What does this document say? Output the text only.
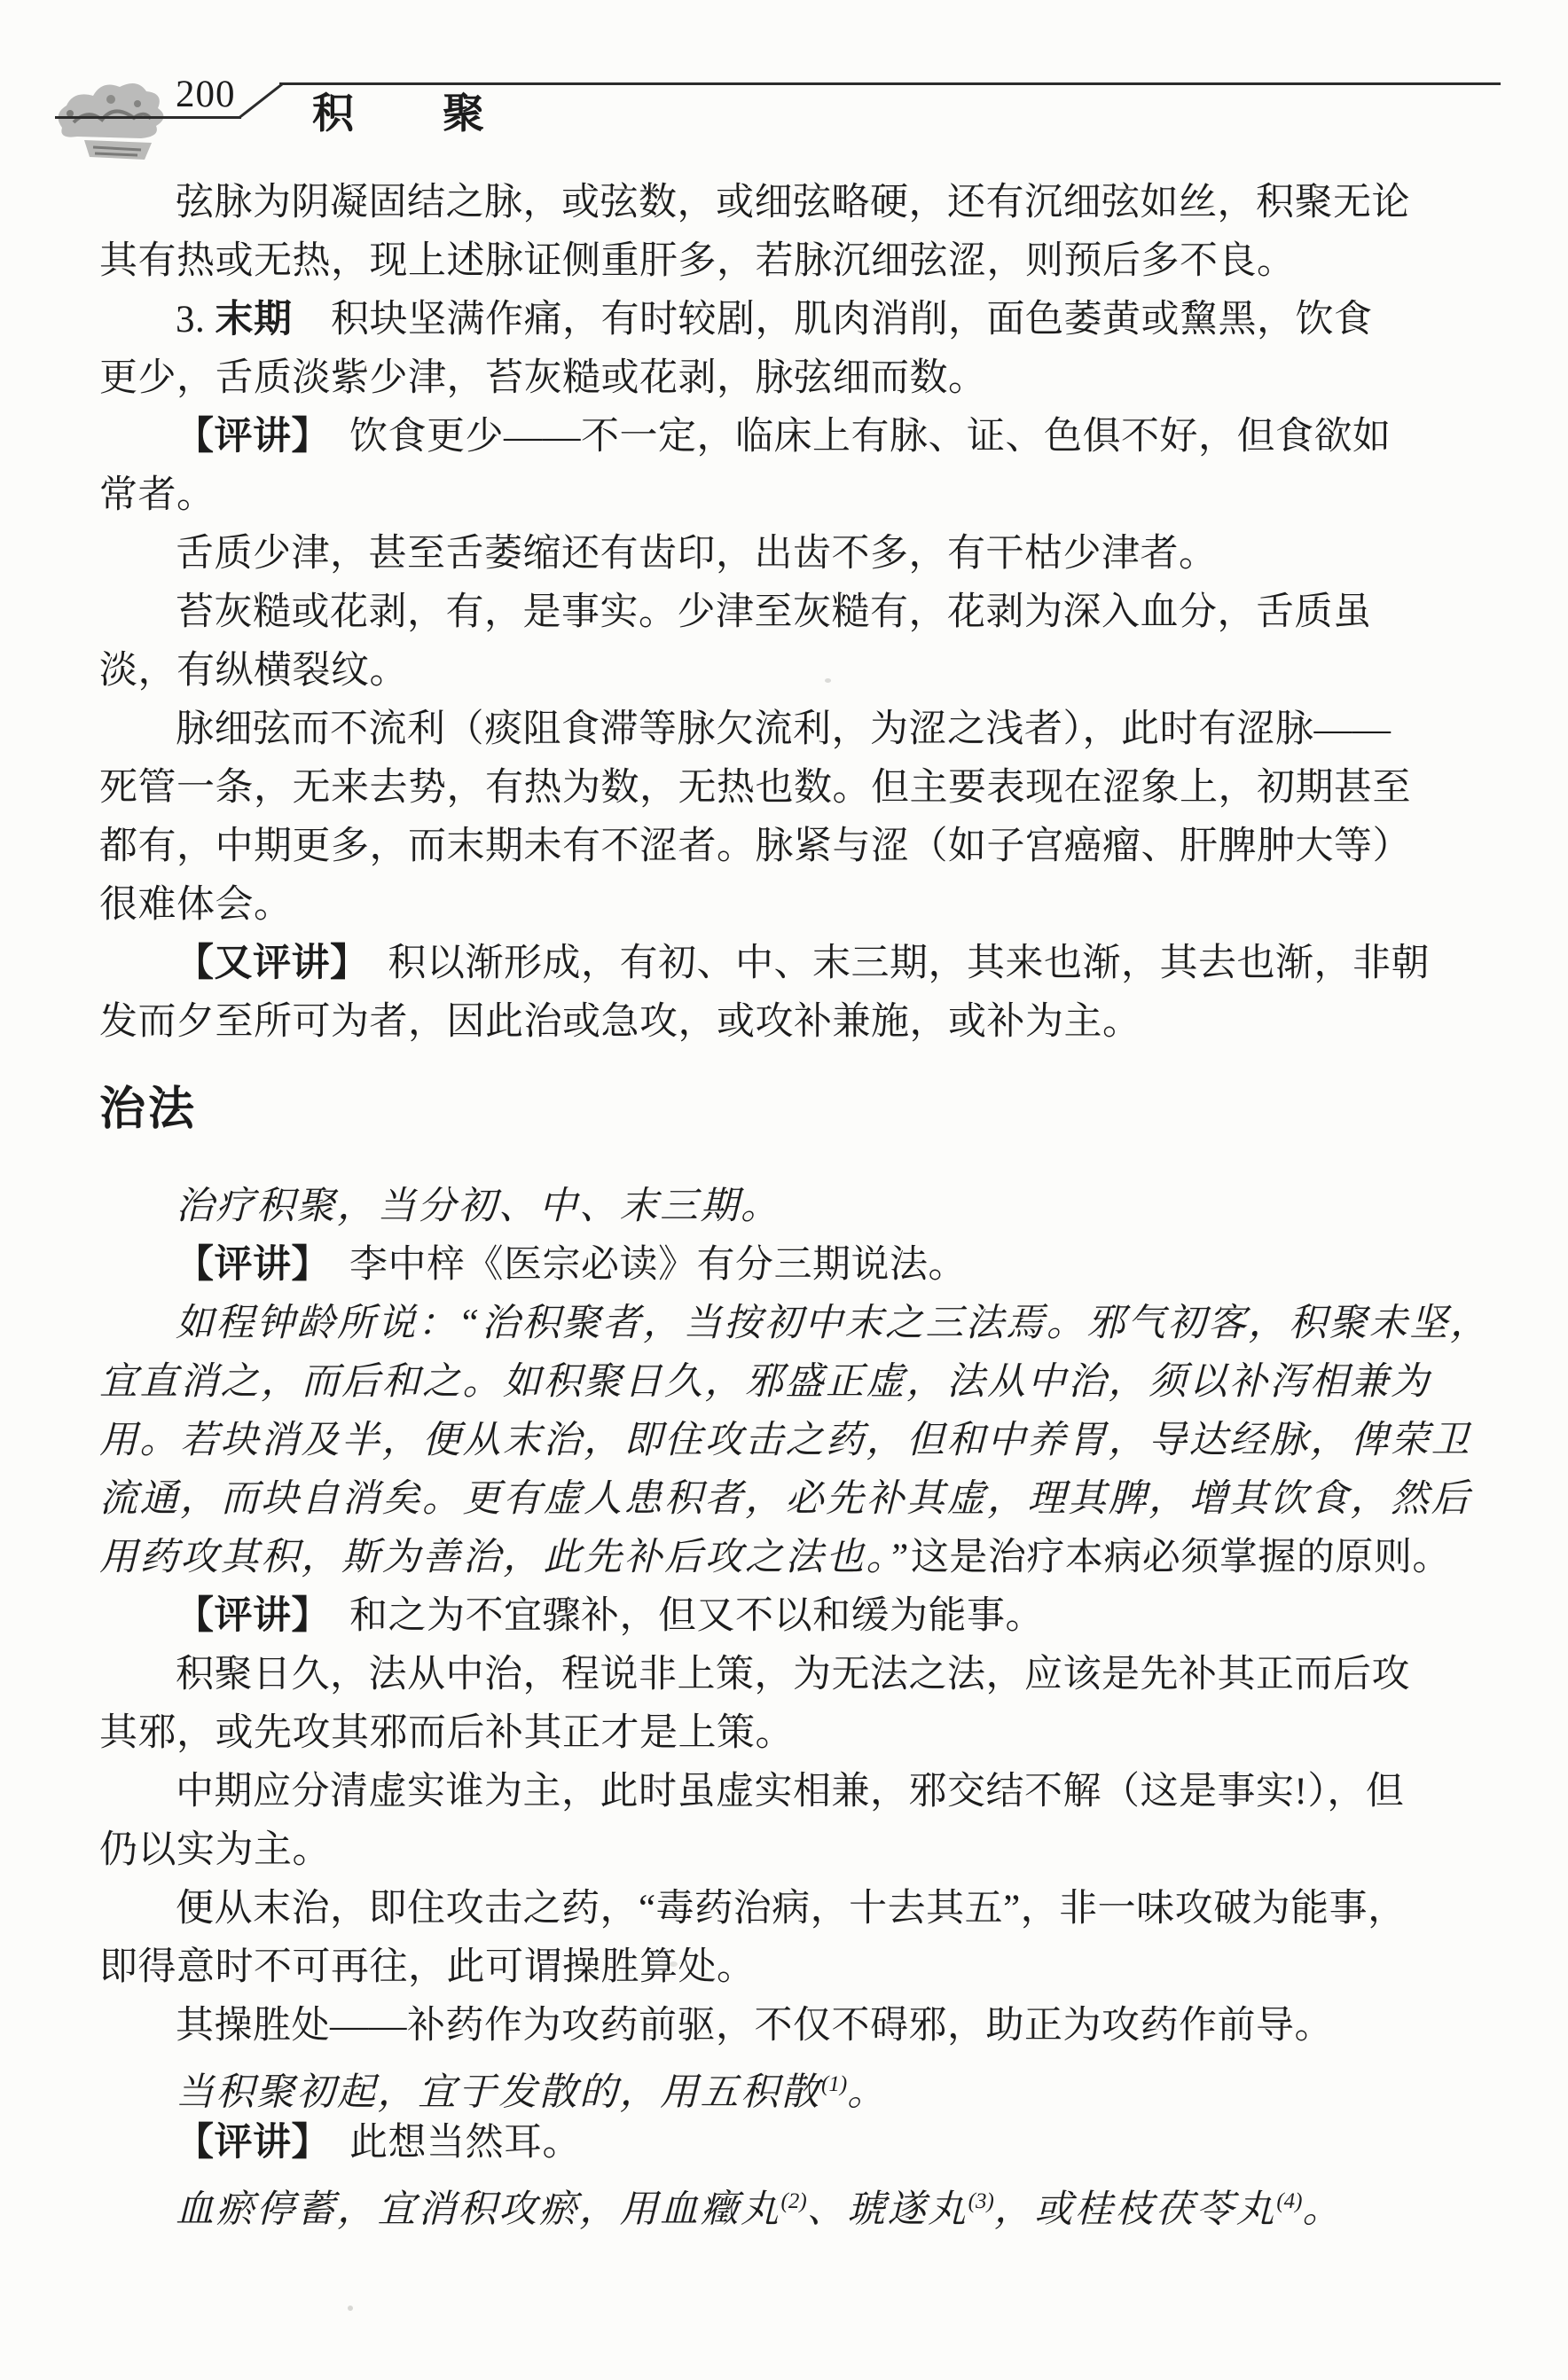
200 积　　聚
弦脉为阴凝固结之脉，或弦数，或细弦略硬，还有沉细弦如丝，积聚无论
其有热或无热，现上述脉证侧重肝多，若脉沉细弦涩，则预后多不良。
3. 末期　积块坚满作痛，有时较剧，肌肉消削，面色萎黄或黧黑，饮食
更少，舌质淡紫少津，苔灰糙或花剥，脉弦细而数。
【评讲】　饮食更少——不一定，临床上有脉、证、色俱不好，但食欲如
常者。
舌质少津，甚至舌萎缩还有齿印，出齿不多，有干枯少津者。
苔灰糙或花剥，有，是事实。少津至灰糙有，花剥为深入血分，舌质虽
淡，有纵横裂纹。
脉细弦而不流利（痰阻食滞等脉欠流利，为涩之浅者），此时有涩脉——
死管一条，无来去势，有热为数，无热也数。但主要表现在涩象上，初期甚至
都有，中期更多，而末期未有不涩者。脉紧与涩（如子宫癌瘤、肝脾肿大等）
很难体会。
【又评讲】　积以渐形成，有初、中、末三期，其来也渐，其去也渐，非朝
发而夕至所可为者，因此治或急攻，或攻补兼施，或补为主。
治法
治疗积聚，当分初、中、末三期。
【评讲】　李中梓《医宗必读》有分三期说法。
如程钟龄所说：“治积聚者，当按初中末之三法焉。邪气初客，积聚未坚，
宜直消之，而后和之。如积聚日久，邪盛正虚，法从中治，须以补泻相兼为
用。若块消及半，便从末治，即住攻击之药，但和中养胃，导达经脉，俾荣卫
流通，而块自消矣。更有虚人患积者，必先补其虚，理其脾，增其饮食，然后
用药攻其积，斯为善治，此先补后攻之法也。”这是治疗本病必须掌握的原则。
【评讲】　和之为不宜骤补，但又不以和缓为能事。
积聚日久，法从中治，程说非上策，为无法之法，应该是先补其正而后攻
其邪，或先攻其邪而后补其正才是上策。
中期应分清虚实谁为主，此时虽虚实相兼，邪交结不解（这是事实!），但
仍以实为主。
便从末治，即住攻击之药，“毒药治病，十去其五”，非一味攻破为能事，
即得意时不可再往，此可谓操胜算处。
其操胜处——补药作为攻药前驱，不仅不碍邪，助正为攻药作前导。
当积聚初起，宜于发散的，用五积散$^{(1)}$。
【评讲】　此想当然耳。
血瘀停蓄，宜消积攻瘀，用血癥丸$^{(2)}$、琥遂丸$^{(3)}$，或桂枝茯苓丸$^{(4)}$。
